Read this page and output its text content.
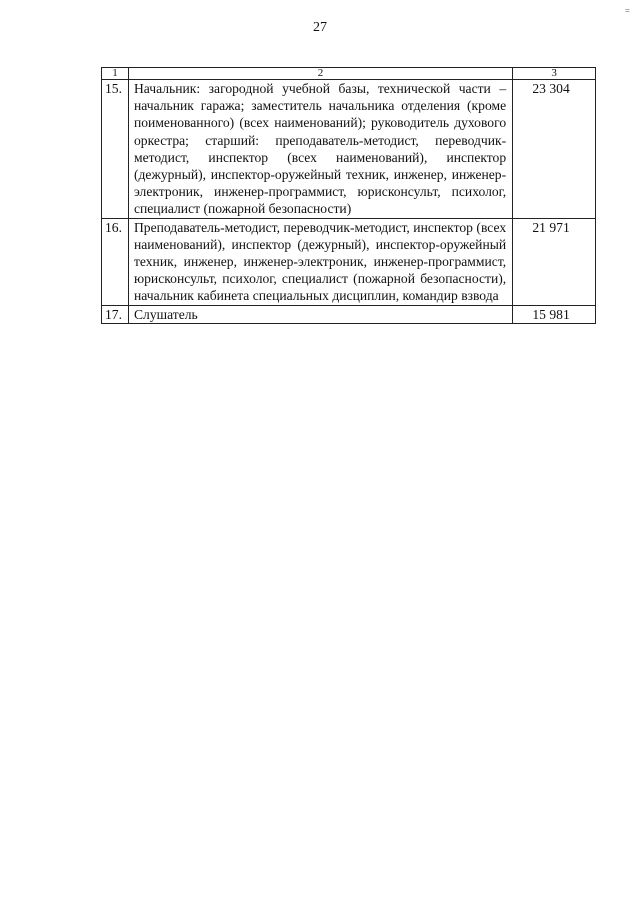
=
27
1	2	3
15.	Начальник: загородной учебной базы, технической части – начальник гаража; заместитель начальника отделения (кроме поименованного) (всех наименований); руководитель духового оркестра; старший: преподаватель-методист, переводчик-методист, инспектор (всех наименований), инспектор (дежурный), инспектор-оружейный техник, инженер, инженер-электроник, инженер-программист, юрисконсульт, психолог, специалист (пожарной безопасности)	23 304
16.	Преподаватель-методист, переводчик-методист, инспектор (всех наименований), инспектор (дежурный), инспектор-оружейный техник, инженер, инженер-электроник, инженер-программист, юрисконсульт, психолог, специалист (пожарной безопасности), начальник кабинета специальных дисциплин, командир взвода	21 971
17.	Слушатель	15 981
